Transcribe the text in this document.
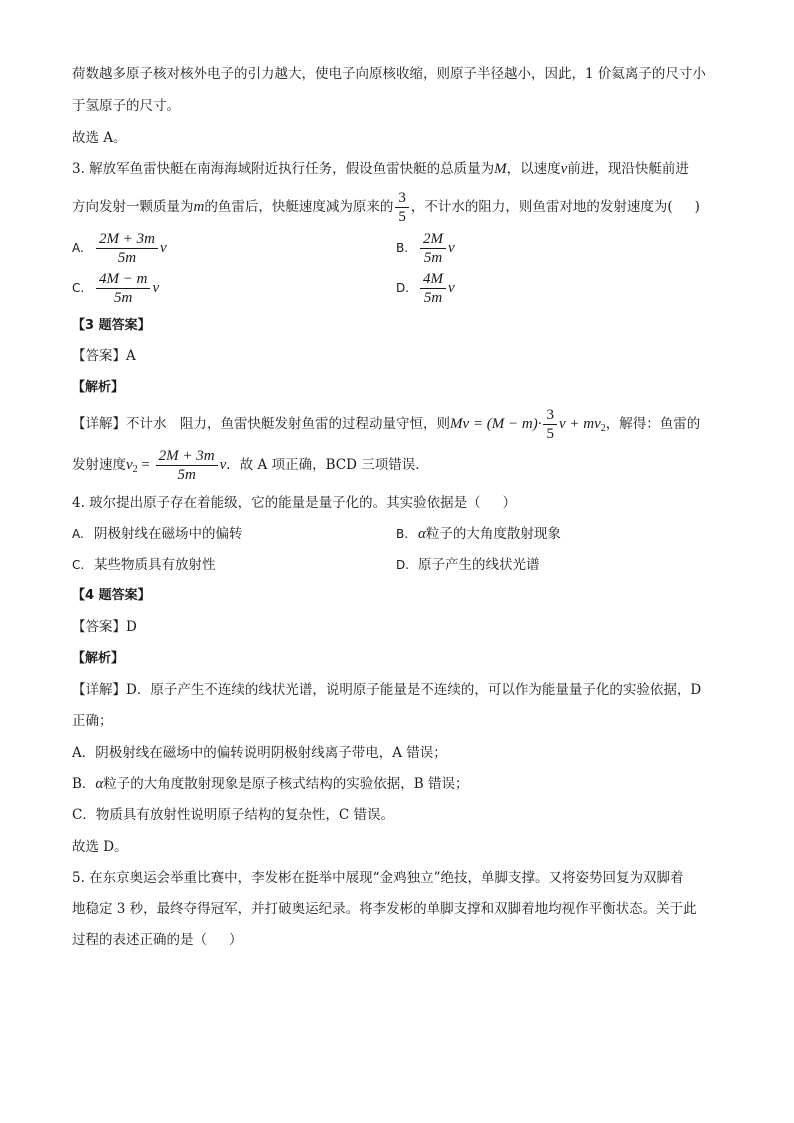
荷数越多原子核对核外电子的引力越大，使电子向原核收缩，则原子半径越小，因此，1 价氦离子的尺寸小
于氢原子的尺寸。
故选 A。
3. 解放军鱼雷快艇在南海海域附近执行任务，假设鱼雷快艇的总质量为M，以速度v前进，现沿快艇前进
方向发射一颗质量为m的鱼雷后，快艇速度减为原来的 $\frac{3}{5}$ ，不计水的阻力，则鱼雷对地的发射速度为( )
A. $\frac{2M + 3m}{5m}$ v	B. $\frac{2M}{5m}$ v
C. $\frac{4M - m}{5m}$ v	D. $\frac{4M}{5m}$ v
【3 题答案】
【答案】A
【解析】
【详解】不计水　阻力，鱼雷快艇发射鱼雷的过程动量守恒，则$Mv = (M - m)\cdot \frac{3}{5}$ $v + mv_2$，解得：鱼雷的
发射速度$v_2 = \frac{2M + 3m}{5m}$ v．故 A 项正确，BCD 三项错误．
4. 玻尔提出原子存在着能级，它的能量是量子化的。其实验依据是（ ）
A. 阴极射线在磁场中的偏转	B. α粒子的大角度散射现象
C. 某些物质具有放射性	D. 原子产生的线状光谱
【4 题答案】
【答案】D
【解析】
【详解】D．原子产生不连续的线状光谱，说明原子能量是不连续的，可以作为能量量子化的实验依据，D
正确；
A．阴极射线在磁场中的偏转说明阴极射线离子带电，A 错误；
B．α粒子的大角度散射现象是原子核式结构的实验依据，B 错误；
C．物质具有放射性说明原子结构的复杂性，C 错误。
故选 D。
5. 在东京奥运会举重比赛中，李发彬在挺举中展现“金鸡独立”绝技，单脚支撑。又将姿势回复为双脚着
地稳定 3 秒，最终夺得冠军，并打破奥运纪录。将李发彬的单脚支撑和双脚着地均视作平衡状态。关于此
过程的表述正确的是（ ）
